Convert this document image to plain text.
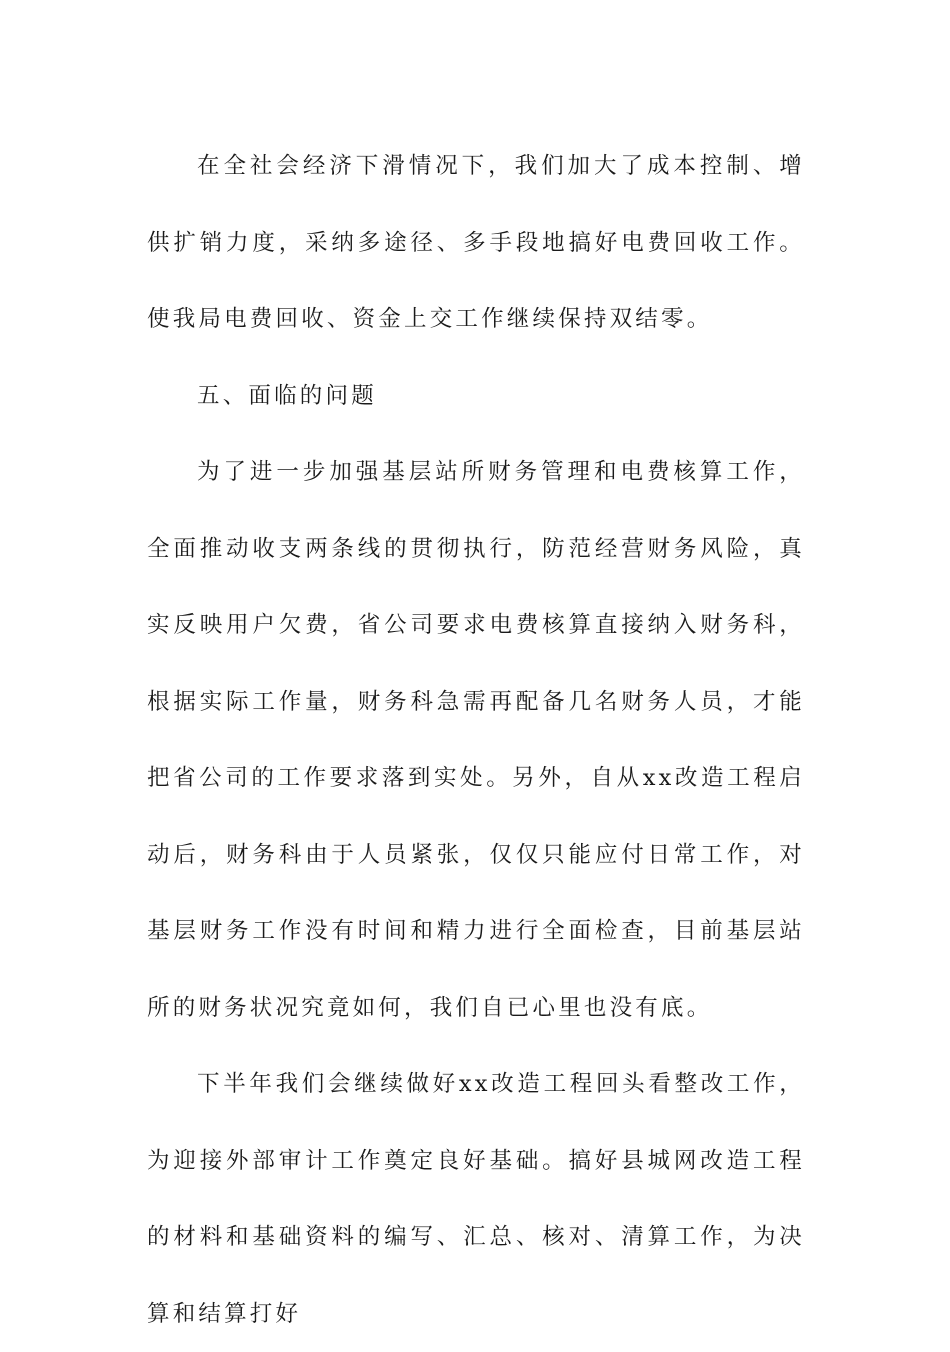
在全社会经济下滑情况下，我们加大了成本控制、增供扩销力度，采纳多途径、多手段地搞好电费回收工作。使我局电费回收、资金上交工作继续保持双结零。

五、面临的问题

为了进一步加强基层站所财务管理和电费核算工作，全面推动收支两条线的贯彻执行，防范经营财务风险，真实反映用户欠费，省公司要求电费核算直接纳入财务科，根据实际工作量，财务科急需再配备几名财务人员，才能把省公司的工作要求落到实处。另外，自从xx改造工程启动后，财务科由于人员紧张，仅仅只能应付日常工作，对基层财务工作没有时间和精力进行全面检查，目前基层站所的财务状况究竟如何，我们自已心里也没有底。

下半年我们会继续做好xx改造工程回头看整改工作，为迎接外部审计工作奠定良好基础。搞好县城网改造工程的材料和基础资料的编写、汇总、核对、清算工作，为决算和结算打好
